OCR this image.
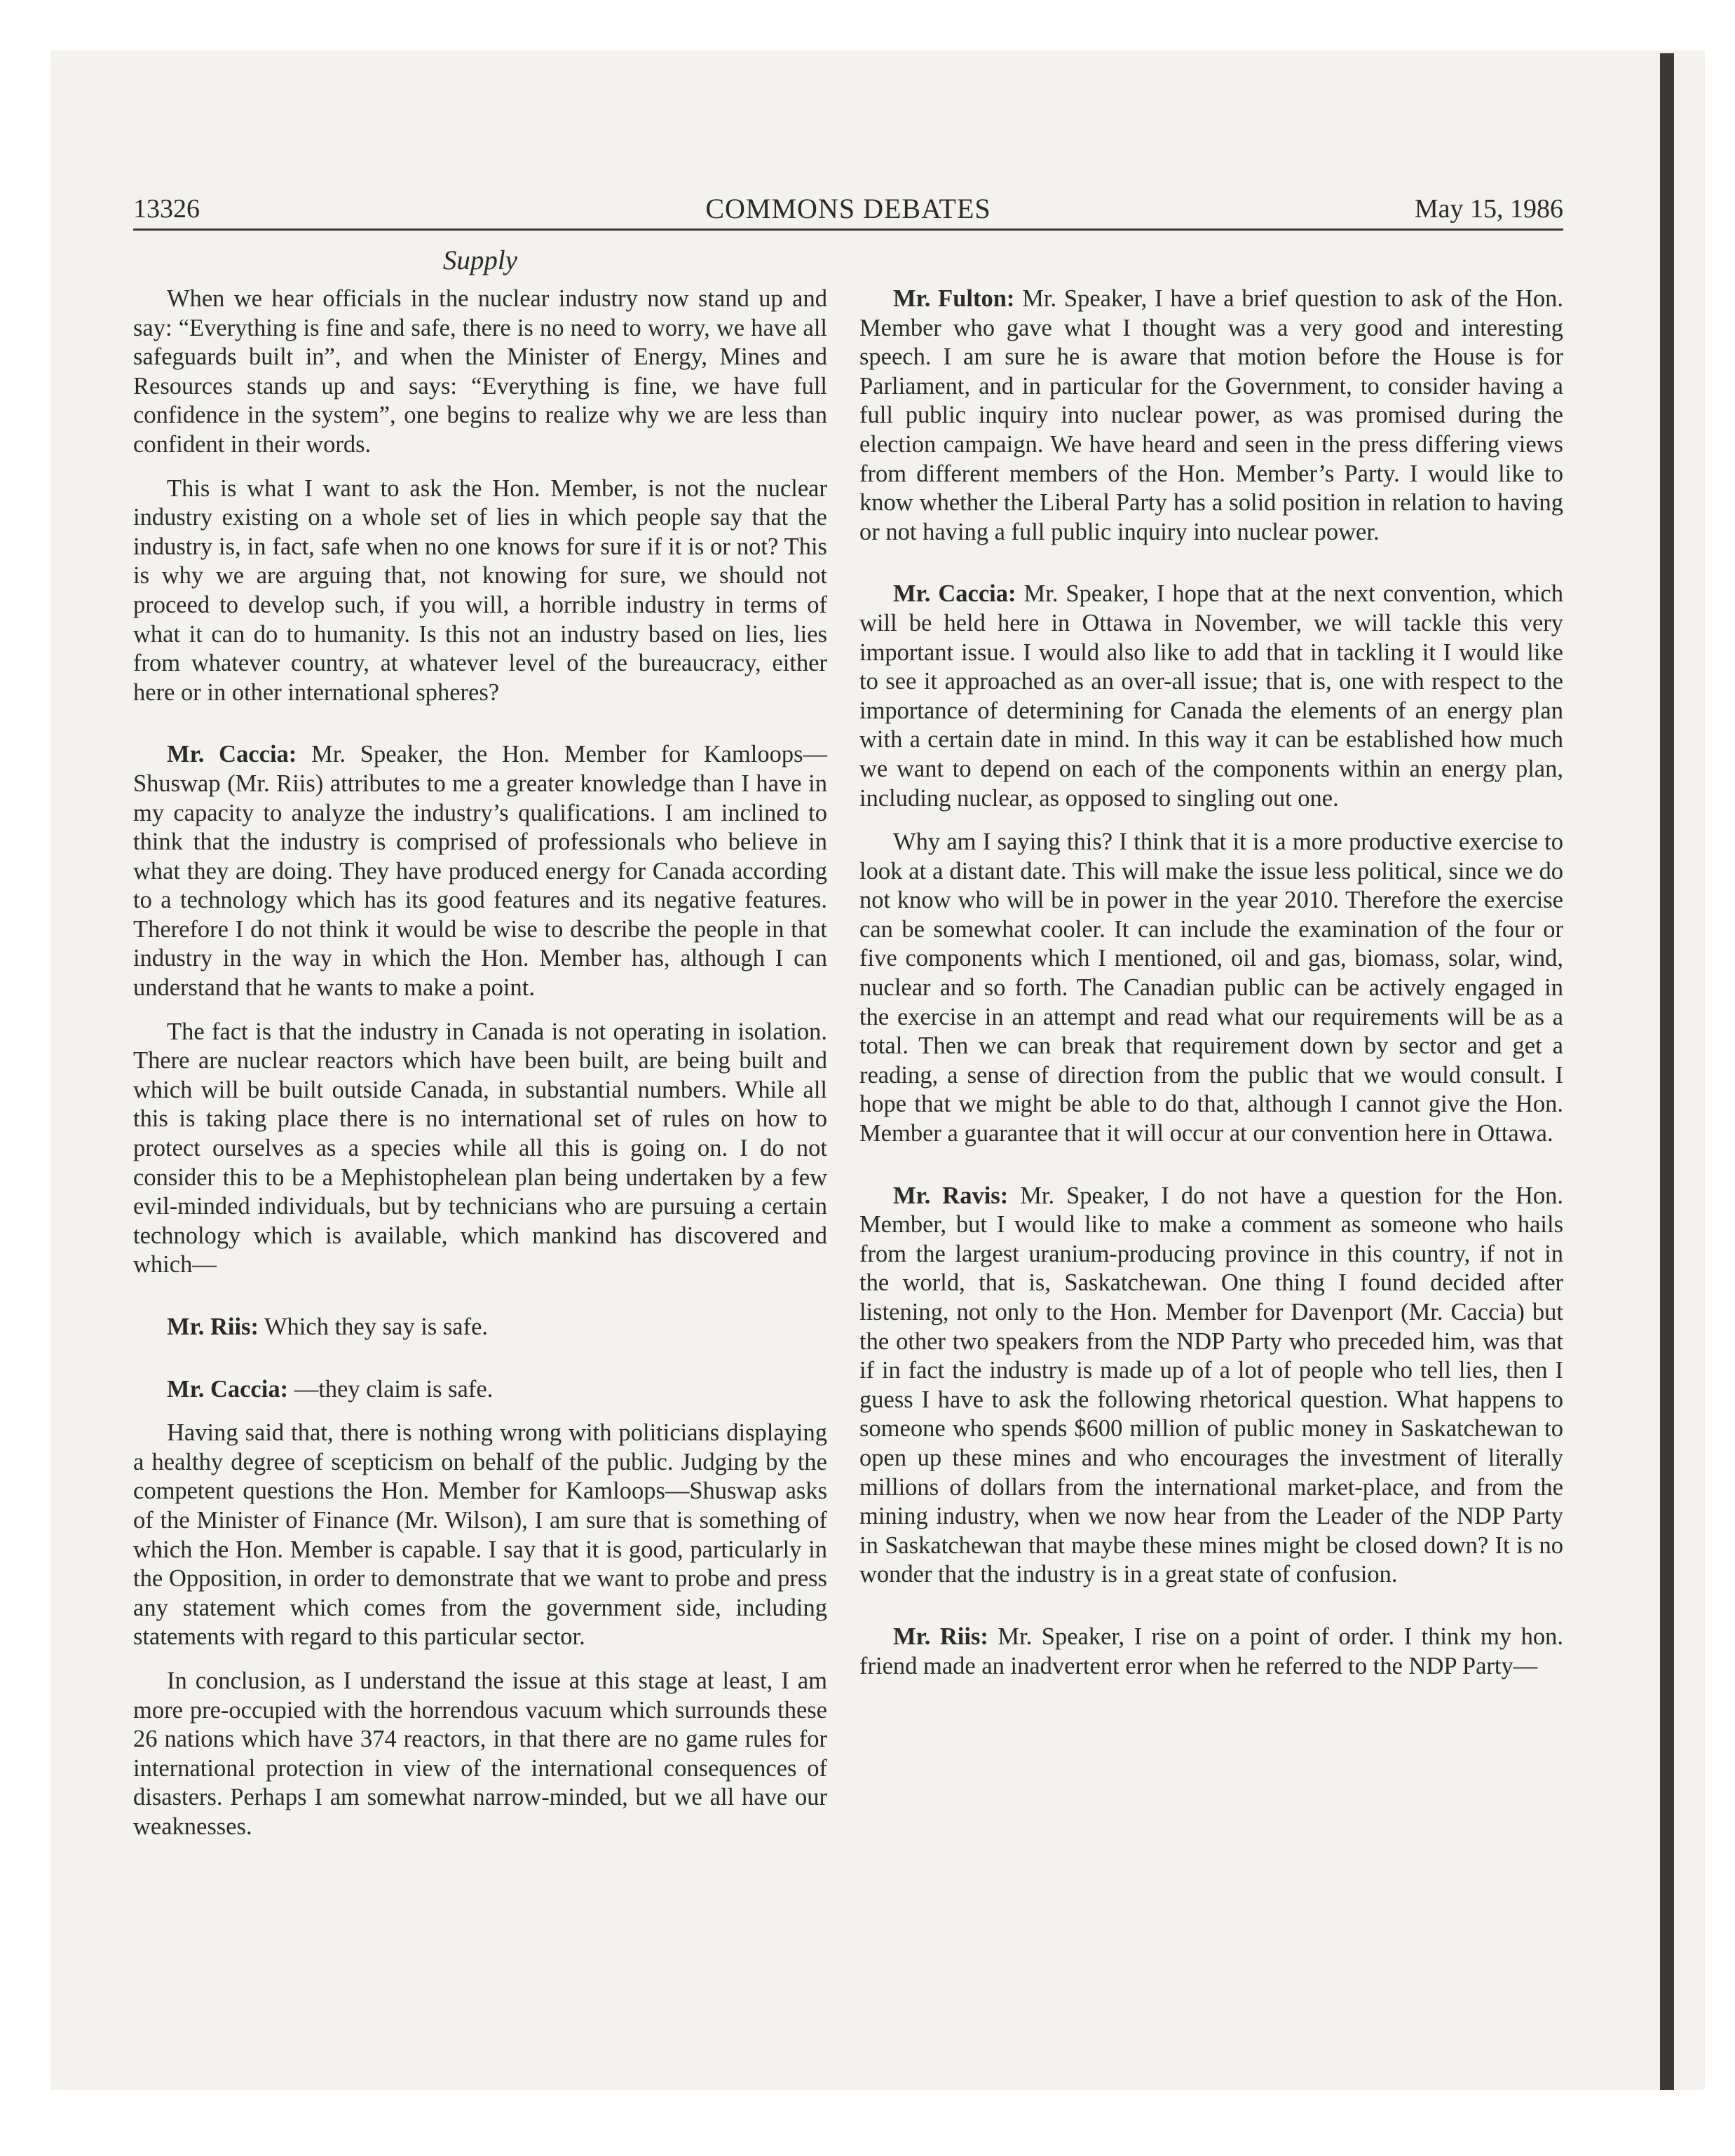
13326	COMMONS DEBATES	May 15, 1986
Supply

When we hear officials in the nuclear industry now stand up and say: “Everything is fine and safe, there is no need to worry, we have all safeguards built in”, and when the Minister of Energy, Mines and Resources stands up and says: “Everything is fine, we have full confidence in the system”, one begins to realize why we are less than confident in their words.

This is what I want to ask the Hon. Member, is not the nuclear industry existing on a whole set of lies in which people say that the industry is, in fact, safe when no one knows for sure if it is or not? This is why we are arguing that, not knowing for sure, we should not proceed to develop such, if you will, a horrible industry in terms of what it can do to humanity. Is this not an industry based on lies, lies from whatever country, at whatever level of the bureaucracy, either here or in other international spheres?

Mr. Caccia: Mr. Speaker, the Hon. Member for Kamloops—Shuswap (Mr. Riis) attributes to me a greater knowledge than I have in my capacity to analyze the industry’s qualifications. I am inclined to think that the industry is comprised of professionals who believe in what they are doing. They have produced energy for Canada according to a technology which has its good features and its negative features. Therefore I do not think it would be wise to describe the people in that industry in the way in which the Hon. Member has, although I can understand that he wants to make a point.

The fact is that the industry in Canada is not operating in isolation. There are nuclear reactors which have been built, are being built and which will be built outside Canada, in substantial numbers. While all this is taking place there is no international set of rules on how to protect ourselves as a species while all this is going on. I do not consider this to be a Mephistophelean plan being undertaken by a few evil-minded individuals, but by technicians who are pursuing a certain technology which is available, which mankind has discovered and which—

Mr. Riis: Which they say is safe.

Mr. Caccia: —they claim is safe.

Having said that, there is nothing wrong with politicians displaying a healthy degree of scepticism on behalf of the public. Judging by the competent questions the Hon. Member for Kamloops—Shuswap asks of the Minister of Finance (Mr. Wilson), I am sure that is something of which the Hon. Member is capable. I say that it is good, particularly in the Opposition, in order to demonstrate that we want to probe and press any statement which comes from the government side, including statements with regard to this particular sector.

In conclusion, as I understand the issue at this stage at least, I am more pre-occupied with the horrendous vacuum which surrounds these 26 nations which have 374 reactors, in that there are no game rules for international protection in view of the international consequences of disasters. Perhaps I am somewhat narrow-minded, but we all have our weaknesses.

Mr. Fulton: Mr. Speaker, I have a brief question to ask of the Hon. Member who gave what I thought was a very good and interesting speech. I am sure he is aware that motion before the House is for Parliament, and in particular for the Government, to consider having a full public inquiry into nuclear power, as was promised during the election campaign. We have heard and seen in the press differing views from different members of the Hon. Member’s Party. I would like to know whether the Liberal Party has a solid position in relation to having or not having a full public inquiry into nuclear power.

Mr. Caccia: Mr. Speaker, I hope that at the next convention, which will be held here in Ottawa in November, we will tackle this very important issue. I would also like to add that in tackling it I would like to see it approached as an over-all issue; that is, one with respect to the importance of determining for Canada the elements of an energy plan with a certain date in mind. In this way it can be established how much we want to depend on each of the components within an energy plan, including nuclear, as opposed to singling out one.

Why am I saying this? I think that it is a more productive exercise to look at a distant date. This will make the issue less political, since we do not know who will be in power in the year 2010. Therefore the exercise can be somewhat cooler. It can include the examination of the four or five components which I mentioned, oil and gas, biomass, solar, wind, nuclear and so forth. The Canadian public can be actively engaged in the exercise in an attempt and read what our requirements will be as a total. Then we can break that requirement down by sector and get a reading, a sense of direction from the public that we would consult. I hope that we might be able to do that, although I cannot give the Hon. Member a guarantee that it will occur at our convention here in Ottawa.

Mr. Ravis: Mr. Speaker, I do not have a question for the Hon. Member, but I would like to make a comment as someone who hails from the largest uranium-producing province in this country, if not in the world, that is, Saskatchewan. One thing I found decided after listening, not only to the Hon. Member for Davenport (Mr. Caccia) but the other two speakers from the NDP Party who preceded him, was that if in fact the industry is made up of a lot of people who tell lies, then I guess I have to ask the following rhetorical question. What happens to someone who spends $600 million of public money in Saskatchewan to open up these mines and who encourages the investment of literally millions of dollars from the international market-place, and from the mining industry, when we now hear from the Leader of the NDP Party in Saskatchewan that maybe these mines might be closed down? It is no wonder that the industry is in a great state of confusion.

Mr. Riis: Mr. Speaker, I rise on a point of order. I think my hon. friend made an inadvertent error when he referred to the NDP Party—
